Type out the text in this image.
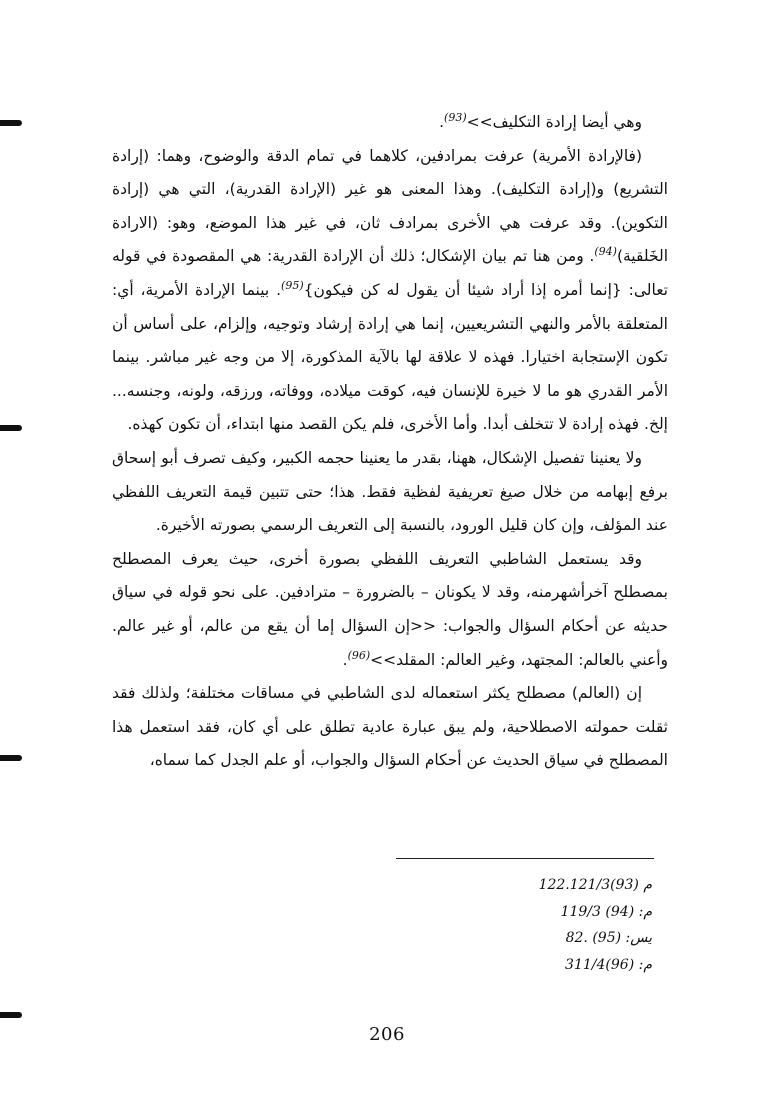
وهي أيضا إرادة التكليف>>$^{(93)}$.

(فالإرادة الأمرية) عرفت بمرادفين، كلاهما في تمام الدقة والوضوح، وهما: (إرادة التشريع) و(إرادة التكليف). وهذا المعنى هو غير (الإرادة القدرية)، التي هي (إرادة التكوين). وقد عرفت هي الأخرى بمرادف ثان، في غير هذا الموضع، وهو: (الارادة الخَلقية)$^{(94)}$. ومن هنا تم بيان الإشكال؛ ذلك أن الإرادة القدرية: هي المقصودة في قوله تعالى: {إنما أمره إذا أراد شيئا أن يقول له كن فيكون}$^{(95)}$. بينما الإرادة الأمرية، أي: المتعلقة بالأمر والنهي التشريعيين، إنما هي إرادة إرشاد وتوجيه، وإلزام، على أساس أن تكون الإستجابة اختيارا. فهذه لا علاقة لها بالآية المذكورة، إلا من وجه غير مباشر. بينما الأمر القدري هو ما لا خيرة للإنسان فيه، كوقت ميلاده، ووفاته، ورزقه، ولونه، وجنسه... إلخ. فهذه إرادة لا تتخلف أبدا. وأما الأخرى، فلم يكن القصد منها ابتداء، أن تكون كهذه.

ولا يعنينا تفصيل الإشكال، ههنا، بقدر ما يعنينا حجمه الكبير، وكيف تصرف أبو إسحاق برفع إبهامه من خلال صيغ تعريفية لفظية فقط. هذا؛ حتى تتبين قيمة التعريف اللفظي عند المؤلف، وإن كان قليل الورود، بالنسبة إلى التعريف الرسمي بصورته الأخيرة.

وقد يستعمل الشاطبي التعريف اللفظي بصورة أخرى، حيث يعرف المصطلح بمصطلح آخرأشهرمنه، وقد لا يكونان – بالضرورة – مترادفين. على نحو قوله في سياق حديثه عن أحكام السؤال والجواب: <<إن السؤال إما أن يقع من عالم، أو غير عالم. وأعني بالعالم: المجتهد، وغير العالم: المقلد>>$^{(96)}$.

إن (العالم) مصطلح يكثر استعماله لدى الشاطبي في مساقات مختلفة؛ ولذلك فقد ثقلت حمولته الاصطلاحية، ولم يبق عبارة عادية تطلق على أي كان، فقد استعمل هذا المصطلح في سياق الحديث عن أحكام السؤال والجواب، أو علم الجدل كما سماه،

122.121/3 م (93)
119/3	م: (94)
82.	يس: (95)
311/4 م: (96)
206
